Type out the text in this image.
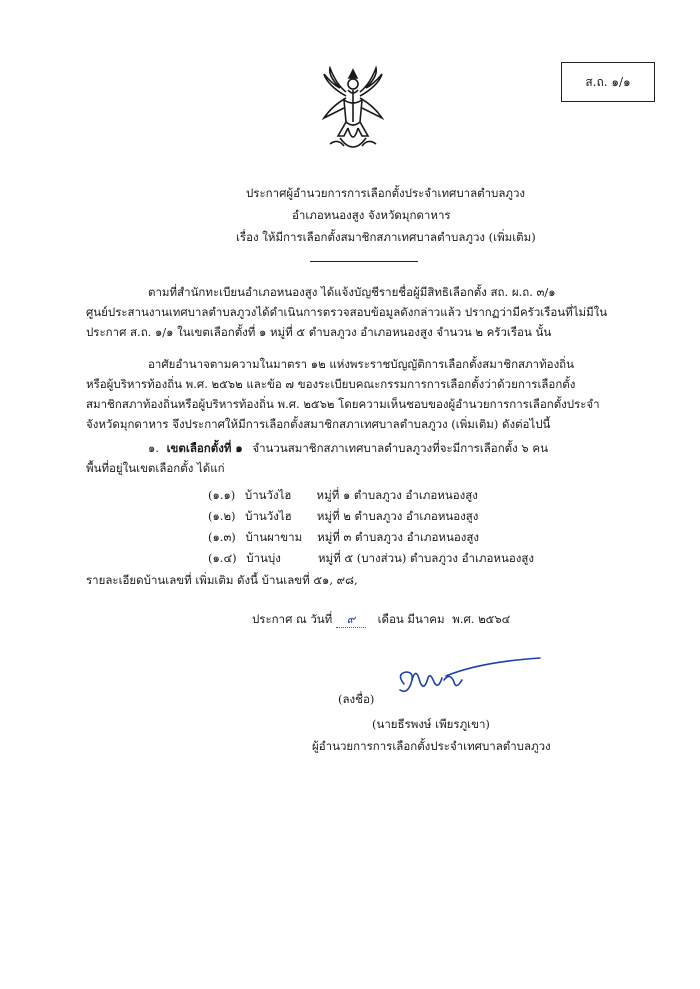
ส.ถ. ๑/๑
ประกาศผู้อำนวยการการเลือกตั้งประจำเทศบาลตำบลภูวง
อำเภอหนองสูง จังหวัดมุกดาหาร
เรื่อง ให้มีการเลือกตั้งสมาชิกสภาเทศบาลตำบลภูวง (เพิ่มเติม)
ตามที่สำนักทะเบียนอำเภอหนองสูง ได้แจ้งบัญชีรายชื่อผู้มีสิทธิเลือกตั้ง สถ. ผ.ถ. ๓/๑
ศูนย์ประสานงานเทศบาลตำบลภูวงได้ดำเนินการตรวจสอบข้อมูลดังกล่าวแล้ว ปรากฏว่ามีครัวเรือนที่ไม่มีใน
ประกาศ ส.ถ. ๑/๑ ในเขตเลือกตั้งที่ ๑ หมู่ที่ ๕ ตำบลภูวง อำเภอหนองสูง จำนวน ๒ ครัวเรือน นั้น
อาศัยอำนาจตามความในมาตรา ๑๒ แห่งพระราชบัญญัติการเลือกตั้งสมาชิกสภาท้องถิ่น
หรือผู้บริหารท้องถิ่น พ.ศ. ๒๕๖๒ และข้อ ๗ ของระเบียบคณะกรรมการการเลือกตั้งว่าด้วยการเลือกตั้ง
สมาชิกสภาท้องถิ่นหรือผู้บริหารท้องถิ่น พ.ศ. ๒๕๖๒ โดยความเห็นชอบของผู้อำนวยการการเลือกตั้งประจำ
จังหวัดมุกดาหาร จึงประกาศให้มีการเลือกตั้งสมาชิกสภาเทศบาลตำบลภูวง (เพิ่มเติม) ดังต่อไปนี้
๑. เขตเลือกตั้งที่ ๑ จำนวนสมาชิกสภาเทศบาลตำบลภูวงที่จะมีการเลือกตั้ง ๖ คน
พื้นที่อยู่ในเขตเลือกตั้ง ได้แก่
(๑.๑) บ้านวังไฮ หมู่ที่ ๑ ตำบลภูวง อำเภอหนองสูง
(๑.๒) บ้านวังไฮ หมู่ที่ ๒ ตำบลภูวง อำเภอหนองสูง
(๑.๓) บ้านผาขาม หมู่ที่ ๓ ตำบลภูวง อำเภอหนองสูง
(๑.๔) บ้านบุ่ง	หมู่ที่ ๕ (บางส่วน) ตำบลภูวง อำเภอหนองสูง
รายละเอียดบ้านเลขที่ เพิ่มเติม ดังนี้ บ้านเลขที่ ๕๑, ๙๘,
ประกาศ ณ วันที่ ๙ เดือน มีนาคม พ.ศ. ๒๕๖๔
(ลงชื่อ)
(นายธีรพงษ์ เพียรภูเขา)
ผู้อำนวยการการเลือกตั้งประจำเทศบาลตำบลภูวง
